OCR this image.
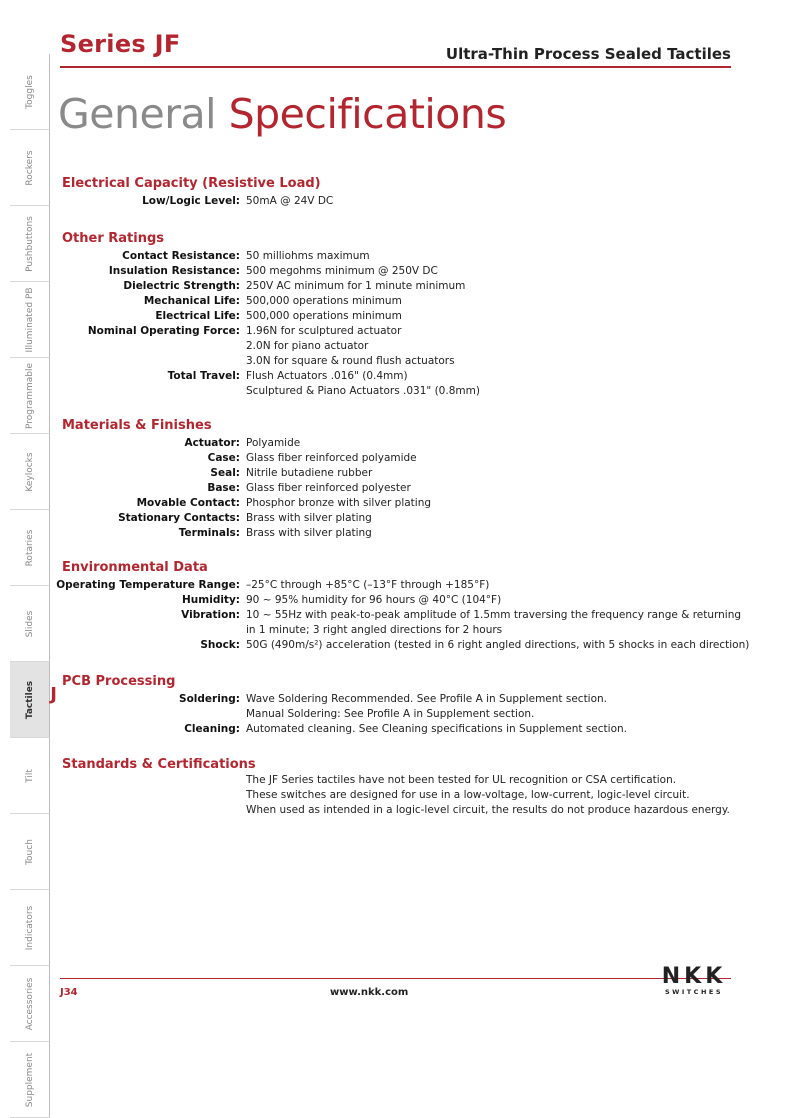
Series JF	Ultra-Thin Process Sealed Tactiles
General Specifications
Toggles
Rockers
Pushbuttons
Illuminated PB
Programmable
Keylocks
Rotaries
Slides
Tactiles J
Tilt
Touch
Indicators
Accessories
Supplement
Electrical Capacity (Resistive Load)
Low/Logic Level: 50mA @ 24V DC
Other Ratings
Contact Resistance: 50 milliohms maximum
Insulation Resistance: 500 megohms minimum @ 250V DC
Dielectric Strength: 250V AC minimum for 1 minute minimum
Mechanical Life: 500,000 operations minimum
Electrical Life: 500,000 operations minimum
Nominal Operating Force: 1.96N for sculptured actuator
2.0N for piano actuator
3.0N for square & round flush actuators
Total Travel: Flush Actuators .016" (0.4mm)
Sculptured & Piano Actuators .031" (0.8mm)
Materials & Finishes
Actuator: Polyamide
Case: Glass fiber reinforced polyamide
Seal: Nitrile butadiene rubber
Base: Glass fiber reinforced polyester
Movable Contact: Phosphor bronze with silver plating
Stationary Contacts: Brass with silver plating
Terminals: Brass with silver plating
Environmental Data
Operating Temperature Range: –25°C through +85°C (–13°F through +185°F)
Humidity: 90 ~ 95% humidity for 96 hours @ 40°C (104°F)
Vibration: 10 ~ 55Hz with peak-to-peak amplitude of 1.5mm traversing the frequency range & returning
in 1 minute; 3 right angled directions for 2 hours
Shock: 50G (490m/s²) acceleration (tested in 6 right angled directions, with 5 shocks in each direction)
PCB Processing
Soldering: Wave Soldering Recommended. See Profile A in Supplement section.
Manual Soldering: See Profile A in Supplement section.
Cleaning: Automated cleaning. See Cleaning specifications in Supplement section.
Standards & Certifications
The JF Series tactiles have not been tested for UL recognition or CSA certification.
These switches are designed for use in a low-voltage, low-current, logic-level circuit.
When used as intended in a logic-level circuit, the results do not produce hazardous energy.
J34	www.nkk.com
NKK
SWITCHES
